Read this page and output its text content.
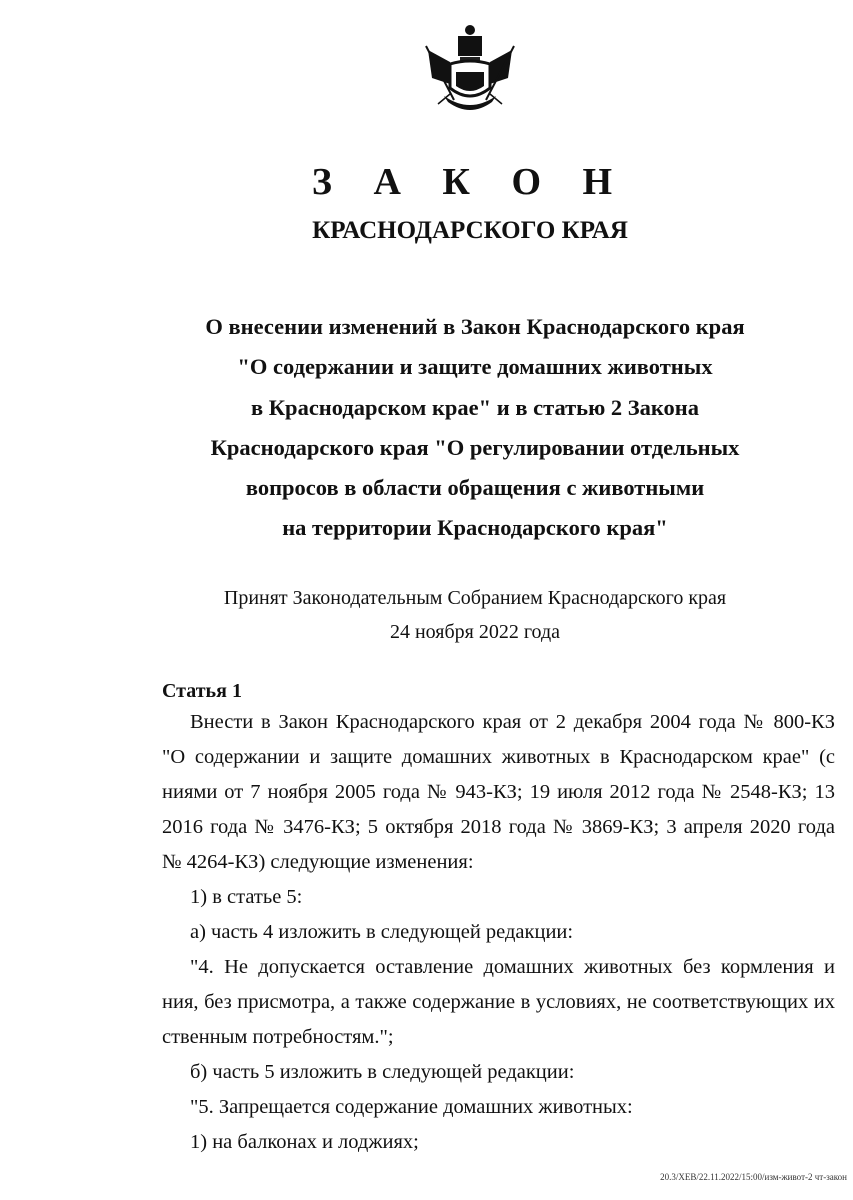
З А К О Н
КРАСНОДАРСКОГО КРАЯ
О внесении изменений в Закон Краснодарского края
"О содержании и защите домашних животных
в Краснодарском крае" и в статью 2 Закона
Краснодарского края "О регулировании отдельных
вопросов в области обращения с животными
на территории Краснодарского края"
Принят Законодательным Собранием Краснодарского края
24 ноября 2022 года
Статья 1
Внести в Закон Краснодарского края от 2 декабря 2004 года № 800-КЗ
"О содержании и защите домашних животных в Краснодарском крае" (с
ниями от 7 ноября 2005 года № 943-КЗ; 19 июля 2012 года № 2548-КЗ; 13
2016 года № 3476-КЗ; 5 октября 2018 года № 3869-КЗ; 3 апреля 2020 года
№ 4264-КЗ) следующие изменения:
1) в статье 5:
а) часть 4 изложить в следующей редакции:
"4. Не допускается оставление домашних животных без кормления и
ния, без присмотра, а также содержание в условиях, не соответствующих их
ственным потребностям.";
б) часть 5 изложить в следующей редакции:
"5. Запрещается содержание домашних животных:
1) на балконах и лоджиях;
20.3/XEB/22.11.2022/15:00/изм-живот-2 чт-закон
